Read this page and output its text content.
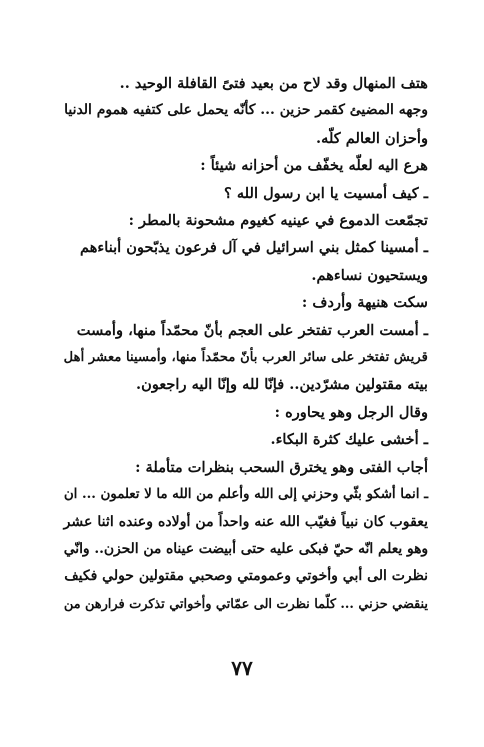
هتف المنهال وقد لاح من بعيد فتىً القافلة الوحيد ..
وجهه المضيئ كقمر حزين ... كأنّه يحمل على كتفيه هموم الدنيا
وأحزان العالم كلّه.
هرع اليه لعلّه يخفّف من أحزانه شيئاً :
ـ كيف أمسيت يا ابن رسول الله ؟
تجمّعت الدموع في عينيه كغيوم مشحونة بالمطر :
ـ أمسينا كمثل بني اسرائيل في آل فرعون يذبّحون أبناءهم
ويستحيون نساءهم.
سكت هنيهة وأردف :
ـ أمست العرب تفتخر على العجم بأنّ محمّداً منها، وأمست
قريش تفتخر على سائر العرب بأنّ محمّداً منها، وأمسينا معشر أهل
بيته مقتولين مشرّدين.. فإنّا لله وإنّا اليه راجعون.
وقال الرجل وهو يحاوره :
ـ أخشى عليك كثرة البكاء.
أجاب الفتى وهو يخترق السحب بنظرات متأملة :
ـ انما أشكو بثّي وحزني إلى الله وأعلم من الله ما لا تعلمون ... ان
يعقوب كان نبياً فغيّب الله عنه واحداً من أولاده وعنده اثنا عشر
وهو يعلم انّه حيّ فبكى عليه حتى أبيضت عيناه من الحزن.. وانّي
نظرت الى أبي وأخوتي وعمومتي وصحبي مقتولين حولي فكيف
ينقضي حزني ... كلّما نظرت الى عمّاتي وأخواتي تذكرت فرارهن من
٧٧
